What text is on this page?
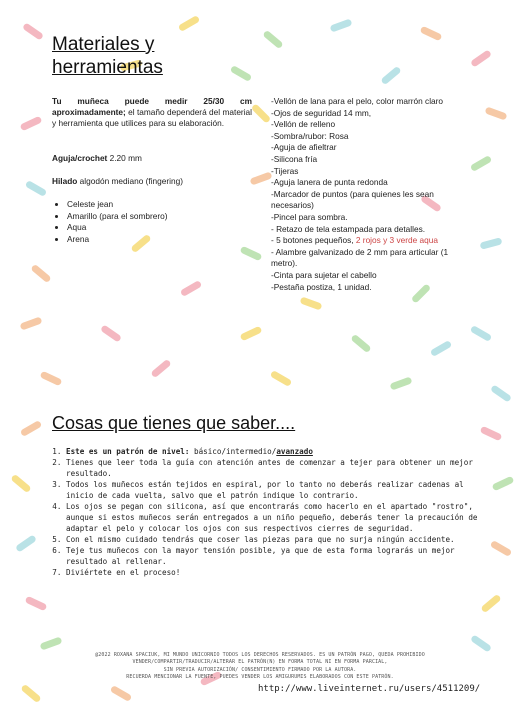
Materiales y
herramientas
Tu muñeca puede medir 25/30 cm aproximadamente; el tamaño dependerá del material y herramienta que utilices para su elaboración.
Aguja/crochet 2.20 mm
Hilado algodón mediano (fingering)
• Celeste jean
• Amarillo (para el sombrero)
• Aqua
• Arena
-Vellón de lana para el pelo, color marrón claro
-Ojos de seguridad 14 mm,
-Vellón de relleno
-Sombra/rubor: Rosa
-Aguja de afieltrar
-Silicona fría
-Tijeras
-Aguja lanera de punta redonda
-Marcador de puntos (para quienes les sean necesarios)
-Pincel para sombra.
- Retazo de tela estampada para detalles.
- 5 botones pequeños, 2 rojos y 3 verde aqua
- Alambre galvanizado de 2 mm para articular (1 metro).
-Cinta para sujetar el cabello
-Pestaña postiza, 1 unidad.
Cosas que tienes que saber....
1. Este es un patrón de nivel: básico/intermedio/avanzado
2. Tienes que leer toda la guía con atención antes de comenzar a tejer para obtener un mejor resultado.
3. Todos los muñecos están tejidos en espiral, por lo tanto no deberás realizar cadenas al inicio de cada vuelta, salvo que el patrón indique lo contrario.
4. Los ojos se pegan con silicona, así que encontrarás como hacerlo en el apartado "rostro", aunque si estos muñecos serán entregados a un niño pequeño, deberás tener la precaución de adaptar el pelo y colocar los ojos con sus respectivos cierres de seguridad.
5. Con el mismo cuidado tendrás que coser las piezas para que no surja ningún accidente.
6. Teje tus muñecos con la mayor tensión posible, ya que de esta forma lograrás un mejor resultado al rellenar.
7. Diviértete en el proceso!
@2022 ROXANA SPACIUK, MI MUNDO UNICORNIO TODOS LOS DERECHOS RESERVADOS. ES UN PATRÓN PAGO, QUEDA PROHIBIDO
VENDER/COMPARTIR/TRADUCIR/ALTERAR EL PATRÓN(N) EN FORMA TOTAL NI EN FORMA PARCIAL,
SIN PREVIA AUTORIZACIÓN/ CONSENTIMIENTO FIRMADO POR LA AUTORA.
RECUERDA MENCIONAR LA FUENTE, PUEDES VENDER LOS AMIGURUMIS ELABORADOS CON ESTE PATRÓN.
http://www.liveinternet.ru/users/4511209/
